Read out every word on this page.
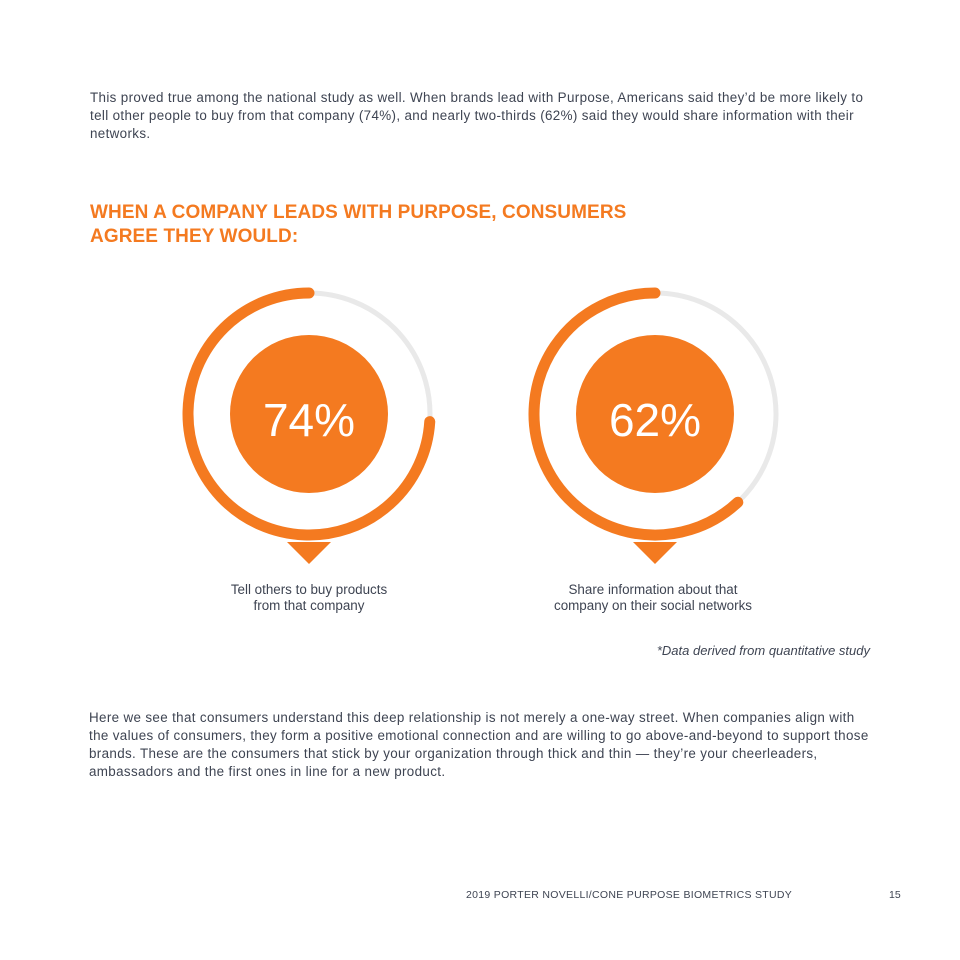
This proved true among the national study as well. When brands lead with Purpose, Americans said they’d be more likely to tell other people to buy from that company (74%), and nearly two-thirds (62%) said they would share information with their networks.

WHEN A COMPANY LEADS WITH PURPOSE, CONSUMERS
AGREE THEY WOULD:
74%

Tell others to buy products
from that company

62%

Share information about that
company on their social networks

*Data derived from quantitative study

Here we see that consumers understand this deep relationship is not merely a one-way street. When companies align with the values of consumers, they form a positive emotional connection and are willing to go above-and-beyond to support those brands. These are the consumers that stick by your organization through thick and thin — they’re your cheerleaders, ambassadors and the first ones in line for a new product.

2019 PORTER NOVELLI/CONE PURPOSE BIOMETRICS STUDY	15
